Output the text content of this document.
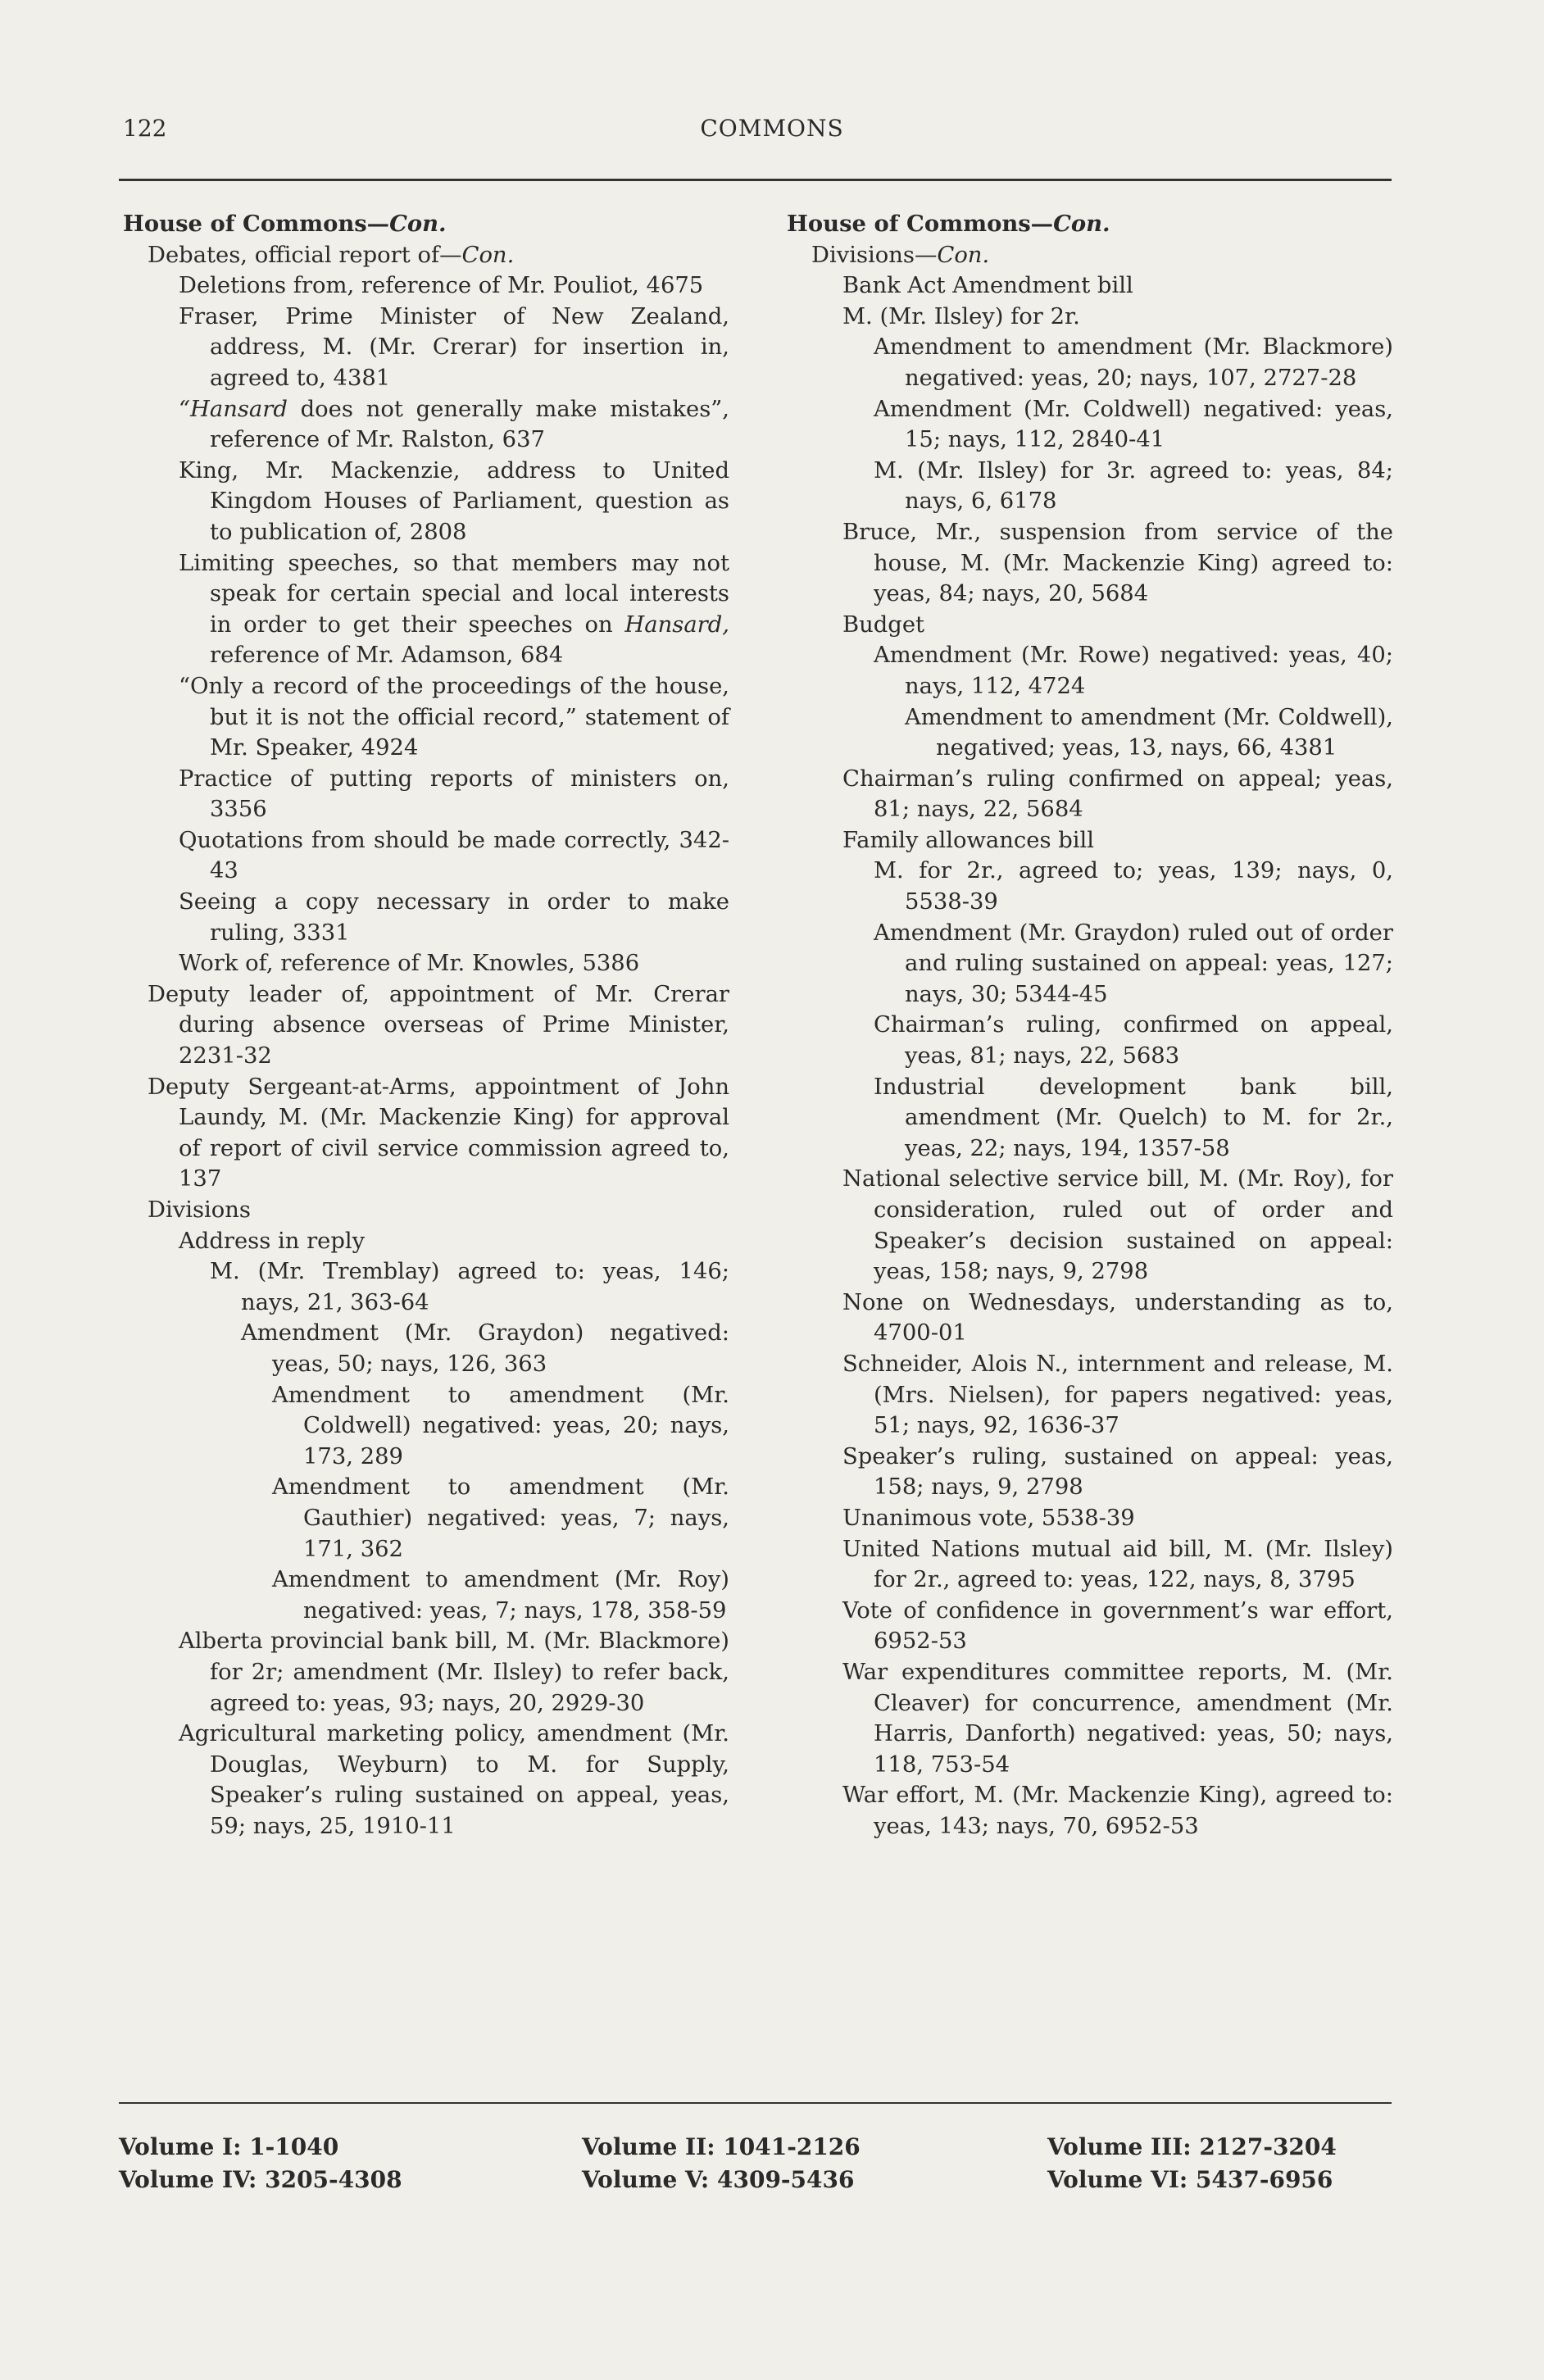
122	COMMONS

House of Commons—Con.

Debates, official report of—Con.

Deletions from, reference of Mr. Pouliot, 4675

Fraser, Prime Minister of New Zealand, address, M. (Mr. Crerar) for insertion in, agreed to, 4381

“Hansard does not generally make mistakes”, reference of Mr. Ralston, 637

King, Mr. Mackenzie, address to United Kingdom Houses of Parliament, question as to publication of, 2808

Limiting speeches, so that members may not speak for certain special and local interests in order to get their speeches on Hansard, reference of Mr. Adamson, 684

“Only a record of the proceedings of the house, but it is not the official record,” statement of Mr. Speaker, 4924

Practice of putting reports of ministers on, 3356

Quotations from should be made correctly, 342-43

Seeing a copy necessary in order to make ruling, 3331

Work of, reference of Mr. Knowles, 5386

Deputy leader of, appointment of Mr. Crerar during absence overseas of Prime Minister, 2231-32

Deputy Sergeant-at-Arms, appointment of John Laundy, M. (Mr. Mackenzie King) for approval of report of civil service commission agreed to, 137

Divisions

Address in reply

M. (Mr. Tremblay) agreed to: yeas, 146; nays, 21, 363-64

Amendment (Mr. Graydon) negatived: yeas, 50; nays, 126, 363

Amendment to amendment (Mr. Coldwell) negatived: yeas, 20; nays, 173, 289

Amendment to amendment (Mr. Gauthier) negatived: yeas, 7; nays, 171, 362

Amendment to amendment (Mr. Roy) negatived: yeas, 7; nays, 178, 358-59

Alberta provincial bank bill, M. (Mr. Blackmore) for 2r; amendment (Mr. Ilsley) to refer back, agreed to: yeas, 93; nays, 20, 2929-30

Agricultural marketing policy, amendment (Mr. Douglas, Weyburn) to M. for Supply, Speaker’s ruling sustained on appeal, yeas, 59; nays, 25, 1910-11

House of Commons—Con.

Divisions—Con.

Bank Act Amendment bill

M. (Mr. Ilsley) for 2r.

Amendment to amendment (Mr. Blackmore) negatived: yeas, 20; nays, 107, 2727-28

Amendment (Mr. Coldwell) negatived: yeas, 15; nays, 112, 2840-41

M. (Mr. Ilsley) for 3r. agreed to: yeas, 84; nays, 6, 6178

Bruce, Mr., suspension from service of the house, M. (Mr. Mackenzie King) agreed to: yeas, 84; nays, 20, 5684

Budget

Amendment (Mr. Rowe) negatived: yeas, 40; nays, 112, 4724

Amendment to amendment (Mr. Coldwell), negatived; yeas, 13, nays, 66, 4381

Chairman’s ruling confirmed on appeal; yeas, 81; nays, 22, 5684

Family allowances bill

M. for 2r., agreed to; yeas, 139; nays, 0, 5538-39

Amendment (Mr. Graydon) ruled out of order and ruling sustained on appeal: yeas, 127; nays, 30; 5344-45

Chairman’s ruling, confirmed on appeal, yeas, 81; nays, 22, 5683

Industrial development bank bill, amendment (Mr. Quelch) to M. for 2r., yeas, 22; nays, 194, 1357-58

National selective service bill, M. (Mr. Roy), for consideration, ruled out of order and Speaker’s decision sustained on appeal: yeas, 158; nays, 9, 2798

None on Wednesdays, understanding as to, 4700-01

Schneider, Alois N., internment and release, M. (Mrs. Nielsen), for papers negatived: yeas, 51; nays, 92, 1636-37

Speaker’s ruling, sustained on appeal: yeas, 158; nays, 9, 2798

Unanimous vote, 5538-39

United Nations mutual aid bill, M. (Mr. Ilsley) for 2r., agreed to: yeas, 122, nays, 8, 3795

Vote of confidence in government’s war effort, 6952-53

War expenditures committee reports, M. (Mr. Cleaver) for concurrence, amendment (Mr. Harris, Danforth) negatived: yeas, 50; nays, 118, 753-54

War effort, M. (Mr. Mackenzie King), agreed to: yeas, 143; nays, 70, 6952-53

Volume I: 1-1040
Volume IV: 3205-4308
Volume II: 1041-2126
Volume V: 4309-5436
Volume III: 2127-3204
Volume VI: 5437-6956
